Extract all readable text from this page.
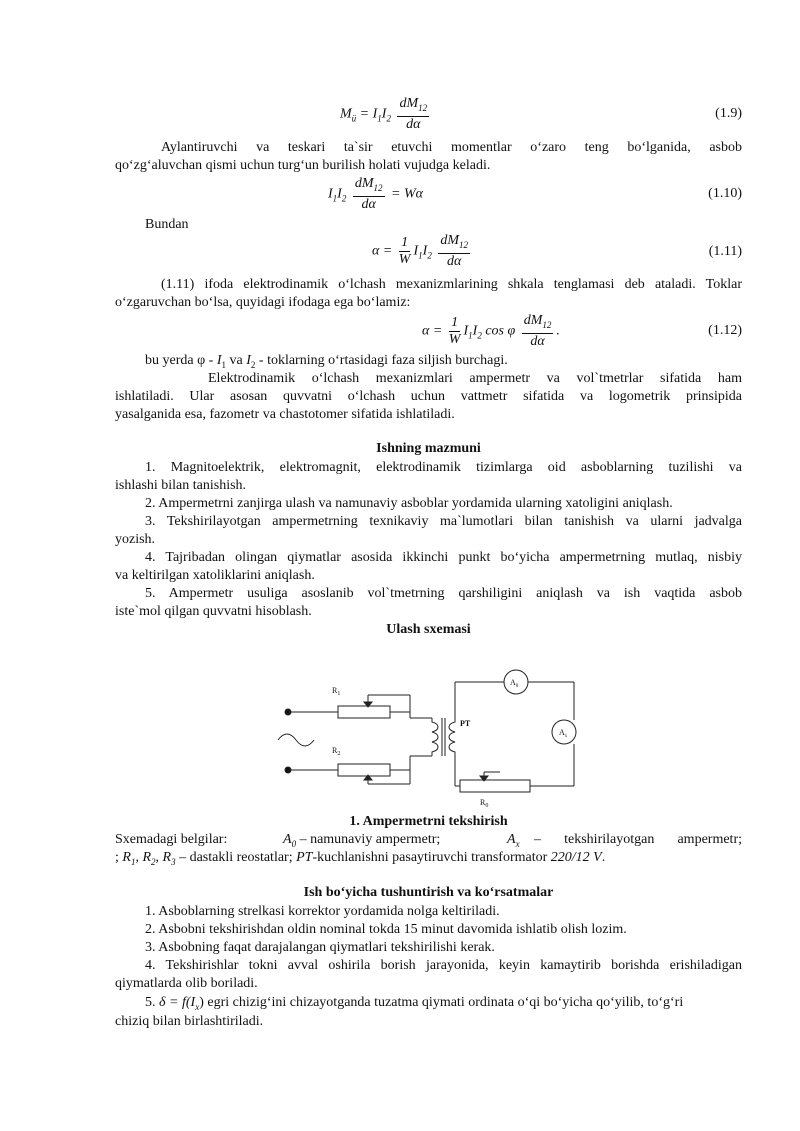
$M_ü = I_1I_2 \frac{dM_{12}}{d\alpha}$	(1.9)
Aylantiruvchi va teskari ta`sir etuvchi momentlar o‘zaro teng bo‘lganida, asbob
qo‘zg‘aluvchan qismi uchun turg‘un burilish holati vujudga keladi.
$I_1I_2 \frac{dM_{12}}{d\alpha} = W\alpha$	(1.10)
Bundan
$\alpha = \frac{1}{W} I_1I_2 \frac{dM_{12}}{d\alpha}$	(1.11)
(1.11) ifoda elektrodinamik o‘lchash mexanizmlarining shkala tenglamasi deb ataladi. Toklar
o‘zgaruvchan bo‘lsa, quyidagi ifodaga ega bo‘lamiz:
$\alpha = \frac{1}{W} I_1I_2$ cos φ $\frac{dM_{12}}{d\alpha}$ .	(1.12)
bu yerda φ - $I_1$ va $I_2$ - toklarning o‘rtasidagi faza siljish burchagi.
Elektrodinamik o‘lchash mexanizmlari ampermetr va vol`tmetrlar sifatida ham
ishlatiladi. Ular asosan quvvatni o‘lchash uchun vattmetr sifatida va logometrik prinsipida
yasalganida esa, fazometr va chastotomer sifatida ishlatiladi.
Ishning mazmuni
1. Magnitoelektrik, elektromagnit, elektrodinamik tizimlarga oid asboblarning tuzilishi va
ishlashi bilan tanishish.
2. Ampermetrni zanjirga ulash va namunaviy asboblar yordamida ularning xatoligini aniqlash.
3. Tekshirilayotgan ampermetrning texnikaviy ma`lumotlari bilan tanishish va ularni jadvalga
yozish.
4. Tajribadan olingan qiymatlar asosida ikkinchi punkt bo‘yicha ampermetrning mutlaq, nisbiy
va keltirilgan xatoliklarini aniqlash.
5. Ampermetr usuliga asoslanib vol`tmetrning qarshiligini aniqlash va ish vaqtida asbob
iste`mol qilgan quvvatni hisoblash.
Ulash sxemasi
$R_1$
$R_2$
PT
$R_0$
$A_0$
$A_x$
1. Ampermetrni tekshirish
Sxemadagi belgilar:	$A_0$ – namunaviy ampermetr;	$A_x$ – tekshirilayotgan ampermetr;
; $R_1$, $R_2$, $R_3$ – dastakli reostatlar; PT-kuchlanishni pasaytiruvchi transformator 220/12 V.
Ish bo‘yicha tushuntirish va ko‘rsatmalar
1. Asboblarning strelkasi korrektor yordamida nolga keltiriladi.
2. Asbobni tekshirishdan oldin nominal tokda 15 minut davomida ishlatib olish lozim.
3. Asbobning faqat darajalangan qiymatlari tekshirilishi kerak.
4. Tekshirishlar tokni avval oshirila borish jarayonida, keyin kamaytirib borishda erishiladigan
qiymatlarda olib boriladi.
5. $\delta = f(I_x)$ egri chizig‘ini chizayotganda tuzatma qiymati ordinata o‘qi bo‘yicha qo‘yilib, to‘g‘ri
chiziq bilan birlashtiriladi.
